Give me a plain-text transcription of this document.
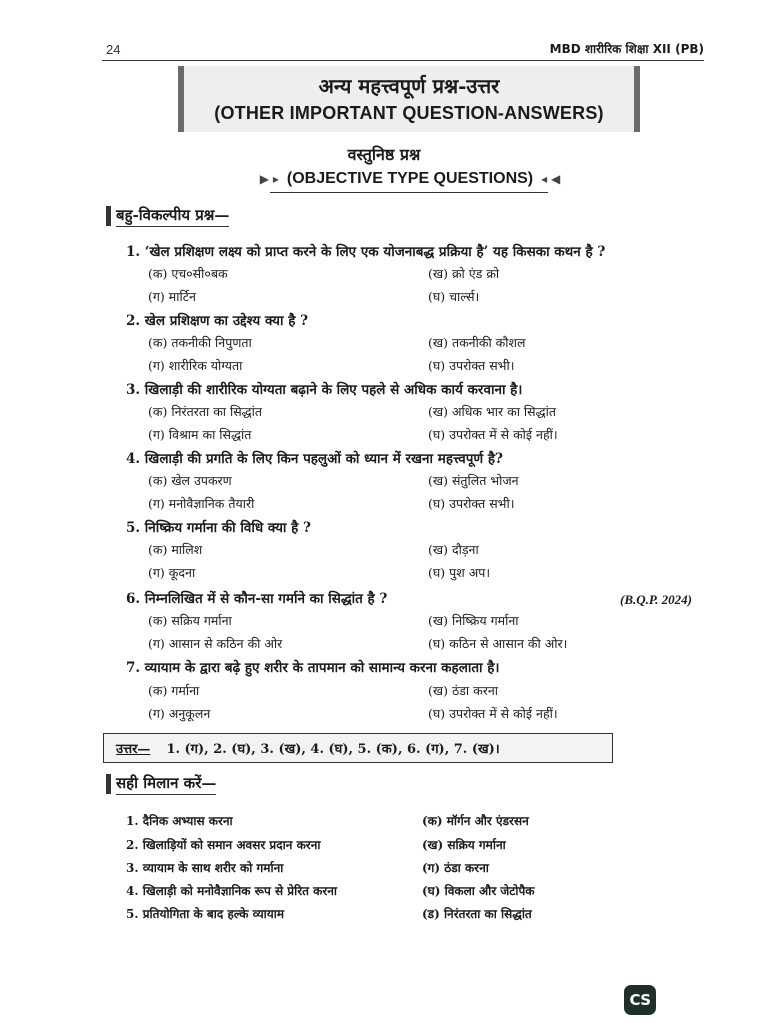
24	MBD शारीरिक शिक्षा XII (PB)
अन्य महत्त्वपूर्ण प्रश्न-उत्तर
(OTHER IMPORTANT QUESTION-ANSWERS)
वस्तुनिष्ठ प्रश्न
▶ ▸ (OBJECTIVE TYPE QUESTIONS) ◂ ◀
बहु-विकल्पीय प्रश्न—
1. ‘खेल प्रशिक्षण लक्ष्य को प्राप्त करने के लिए एक योजनाबद्ध प्रक्रिया है’ यह किसका कथन है ?
(क) एच०सी०बक	(ख) क्रो एंड क्रो
(ग) मार्टिन	(घ) चार्ल्स।
2. खेल प्रशिक्षण का उद्देश्य क्या है ?
(क) तकनीकी निपुणता	(ख) तकनीकी कौशल
(ग) शारीरिक योग्यता	(घ) उपरोक्त सभी।
3. खिलाड़ी की शारीरिक योग्यता बढ़ाने के लिए पहले से अधिक कार्य करवाना है।
(क) निरंतरता का सिद्धांत	(ख) अधिक भार का सिद्धांत
(ग) विश्राम का सिद्धांत	(घ) उपरोक्त में से कोई नहीं।
4. खिलाड़ी की प्रगति के लिए किन पहलुओं को ध्यान में रखना महत्त्वपूर्ण है?
(क) खेल उपकरण	(ख) संतुलित भोजन
(ग) मनोवैज्ञानिक तैयारी	(घ) उपरोक्त सभी।
5. निष्क्रिय गर्माना की विधि क्या है ?
(क) मालिश	(ख) दौड़ना
(ग) कूदना	(घ) पुश अप।
6. निम्नलिखित में से कौन-सा गर्माने का सिद्धांत है ?	(B.Q.P. 2024)
(क) सक्रिय गर्माना	(ख) निष्क्रिय गर्माना
(ग) आसान से कठिन की ओर	(घ) कठिन से आसान की ओर।
7. व्यायाम के द्वारा बढ़े हुए शरीर के तापमान को सामान्य करना कहलाता है।
(क) गर्माना	(ख) ठंडा करना
(ग) अनुकूलन	(घ) उपरोक्त में से कोई नहीं।
उत्तर— 1. (ग), 2. (घ), 3. (ख), 4. (घ), 5. (क), 6. (ग), 7. (ख)।
सही मिलान करें—
1. दैनिक अभ्यास करना	(क) मॉर्गन और एंडरसन
2. खिलाड़ियों को समान अवसर प्रदान करना	(ख) सक्रिय गर्माना
3. व्यायाम के साथ शरीर को गर्माना	(ग) ठंडा करना
4. खिलाड़ी को मनोवैज्ञानिक रूप से प्रेरित करना	(घ) विकला और जेटोपैक
5. प्रतियोगिता के बाद हल्के व्यायाम	(ड) निरंतरता का सिद्धांत
CS
